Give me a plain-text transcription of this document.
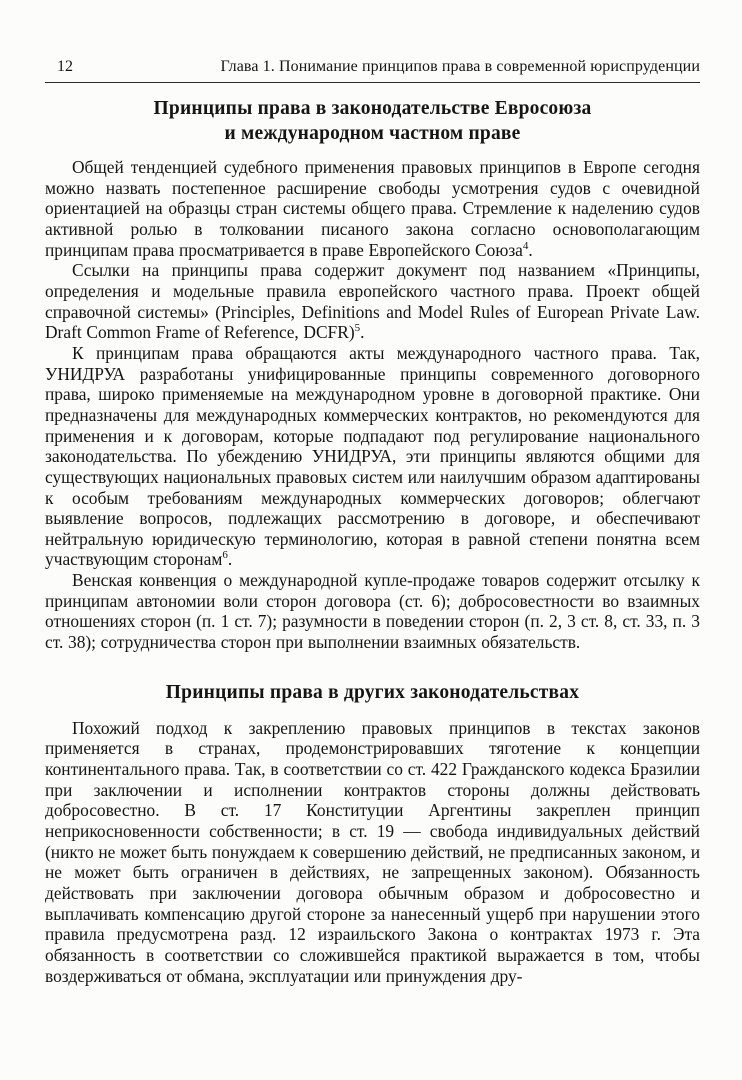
12	Глава 1. Понимание принципов права в современной юриспруденции
Принципы права в законодательстве Евросоюза
и международном частном праве

Общей тенденцией судебного применения правовых принципов в Европе сегодня можно назвать постепенное расширение свободы усмотрения судов с очевидной ориентацией на образцы стран системы общего права. Стремление к наделению судов активной ролью в толковании писаного закона согласно основополагающим принципам права просматривается в праве Европейского Союза$^4$.

Ссылки на принципы права содержит документ под названием «Принципы, определения и модельные правила европейского частного права. Проект общей справочной системы» (Principles, Definitions and Model Rules of European Private Law. Draft Common Frame of Reference, DCFR)$^5$.

К принципам права обращаются акты международного частного права. Так, УНИДРУА разработаны унифицированные принципы современного договорного права, широко применяемые на международном уровне в договорной практике. Они предназначены для международных коммерческих контрактов, но рекомендуются для применения и к договорам, которые подпадают под регулирование национального законодательства. По убеждению УНИДРУА, эти принципы являются общими для существующих национальных правовых систем или наилучшим образом адаптированы к особым требованиям международных коммерческих договоров; облегчают выявление вопросов, подлежащих рассмотрению в договоре, и обеспечивают нейтральную юридическую терминологию, которая в равной степени понятна всем участвующим сторонам$^6$.

Венская конвенция о международной купле-продаже товаров содержит отсылку к принципам автономии воли сторон договора (ст. 6); добросовестности во взаимных отношениях сторон (п. 1 ст. 7); разумности в поведении сторон (п. 2, 3 ст. 8, ст. 33, п. 3 ст. 38); сотрудничества сторон при выполнении взаимных обязательств.

Принципы права в других законодательствах

Похожий подход к закреплению правовых принципов в текстах законов применяется в странах, продемонстрировавших тяготение к концепции континентального права. Так, в соответствии со ст. 422 Гражданского кодекса Бразилии при заключении и исполнении контрактов стороны должны действовать добросовестно. В ст. 17 Конституции Аргентины закреплен принцип неприкосновенности собственности; в ст. 19 — свобода индивидуальных действий (никто не может быть понуждаем к совершению действий, не предписанных законом, и не может быть ограничен в действиях, не запрещенных законом). Обязанность действовать при заключении договора обычным образом и добросовестно и выплачивать компенсацию другой стороне за нанесенный ущерб при нарушении этого правила предусмотрена разд. 12 израильского Закона о контрактах 1973 г. Эта обязанность в соответствии со сложившейся практикой выражается в том, чтобы воздерживаться от обмана, эксплуатации или принуждения дру-
